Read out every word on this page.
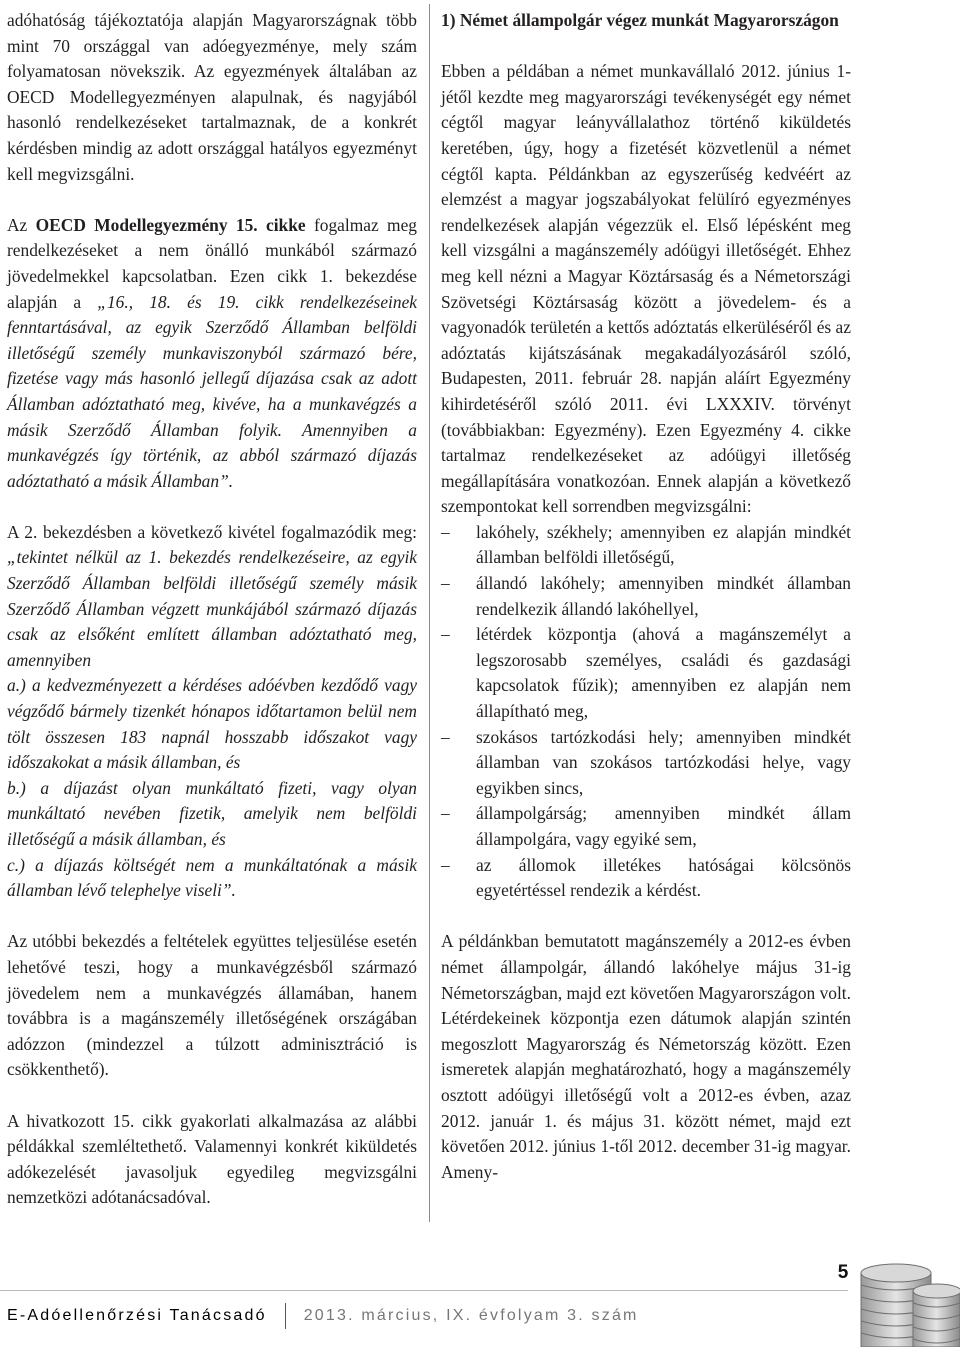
adóhatóság tájékoztatója alapján Magyarországnak több mint 70 országgal van adóegyezménye, mely szám folyamatosan növekszik. Az egyezmények általában az OECD Modellegyezményen alapulnak, és nagyjából hasonló rendelkezéseket tartalmaznak, de a konkrét kérdésben mindig az adott országgal hatályos egyezményt kell megvizsgálni.

Az OECD Modellegyezmény 15. cikke fogalmaz meg rendelkezéseket a nem önálló munkából származó jövedelmekkel kapcsolatban. Ezen cikk 1. bekezdése alapján a „16., 18. és 19. cikk rendelkezéseinek fenntartásával, az egyik Szerződő Államban belföldi illetőségű személy munkaviszonyból származó bére, fizetése vagy más hasonló jellegű díjazása csak az adott Államban adóztatható meg, kivéve, ha a munkavégzés a másik Szerződő Államban folyik. Amennyiben a munkavégzés így történik, az abból származó díjazás adóztatható a másik Államban”.

A 2. bekezdésben a következő kivétel fogalmazódik meg: „tekintet nélkül az 1. bekezdés rendelkezéseire, az egyik Szerződő Államban belföldi illetőségű személy másik Szerződő Államban végzett munkájából származó díjazás csak az elsőként említett államban adóztatható meg, amennyiben

a.) a kedvezményezett a kérdéses adóévben kezdődő vagy végződő bármely tizenkét hónapos időtartamon belül nem tölt összesen 183 napnál hosszabb időszakot vagy időszakokat a másik államban, és

b.) a díjazást olyan munkáltató fizeti, vagy olyan munkáltató nevében fizetik, amelyik nem belföldi illetőségű a másik államban, és

c.) a díjazás költségét nem a munkáltatónak a másik államban lévő telephelye viseli”.

Az utóbbi bekezdés a feltételek együttes teljesülése esetén lehetővé teszi, hogy a munkavégzésből származó jövedelem nem a munkavégzés államában, hanem továbbra is a magánszemély illetőségének országában adózzon (mindezzel a túlzott adminisztráció is csökkenthető).

A hivatkozott 15. cikk gyakorlati alkalmazása az alábbi példákkal szemléltethető. Valamennyi konkrét kiküldetés adókezelését javasoljuk egyedileg megvizsgálni nemzetközi adótanácsadóval.

1) Német állampolgár végez munkát Magyarországon

Ebben a példában a német munkavállaló 2012. június 1-jétől kezdte meg magyarországi tevékenységét egy német cégtől magyar leányvállalathoz történő kiküldetés keretében, úgy, hogy a fizetését közvetlenül a német cégtől kapta. Példánkban az egyszerűség kedvéért az elemzést a magyar jogszabályokat felülíró egyezményes rendelkezések alapján végezzük el. Első lépésként meg kell vizsgálni a magánszemély adóügyi illetőségét. Ehhez meg kell nézni a Magyar Köztársaság és a Németországi Szövetségi Köztársaság között a jövedelem- és a vagyonadók területén a kettős adóztatás elkerüléséről és az adóztatás kijátszásának megakadályozásáról szóló, Budapesten, 2011. február 28. napján aláírt Egyezmény kihirdetéséről szóló 2011. évi LXXXIV. törvényt (továbbiakban: Egyezmény). Ezen Egyezmény 4. cikke tartalmaz rendelkezéseket az adóügyi illetőség megállapítására vonatkozóan. Ennek alapján a következő szempontokat kell sorrendben megvizsgálni:

– lakóhely, székhely; amennyiben ez alapján mindkét államban belföldi illetőségű,
– állandó lakóhely; amennyiben mindkét államban rendelkezik állandó lakóhellyel,
– létérdek központja (ahová a magánszemélyt a legszorosabb személyes, családi és gazdasági kapcsolatok fűzik); amennyiben ez alapján nem állapítható meg,
– szokásos tartózkodási hely; amennyiben mindkét államban van szokásos tartózkodási helye, vagy egyikben sincs,
– állampolgárság; amennyiben mindkét állam állampolgára, vagy egyiké sem,
– az állomok illetékes hatóságai kölcsönös egyetértéssel rendezik a kérdést.

A példánkban bemutatott magánszemély a 2012-es évben német állampolgár, állandó lakóhelye május 31-ig Németországban, majd ezt követően Magyarországon volt. Létérdekeinek központja ezen dátumok alapján szintén megoszlott Magyarország és Németország között. Ezen ismeretek alapján meghatározható, hogy a magánszemély osztott adóügyi illetőségű volt a 2012-es évben, azaz 2012. január 1. és május 31. között német, majd ezt követően 2012. június 1-től 2012. december 31-ig magyar. Ameny-

E-Adóellenőrzési Tanácsadó 2013. március, IX. évfolyam 3. szám
5
